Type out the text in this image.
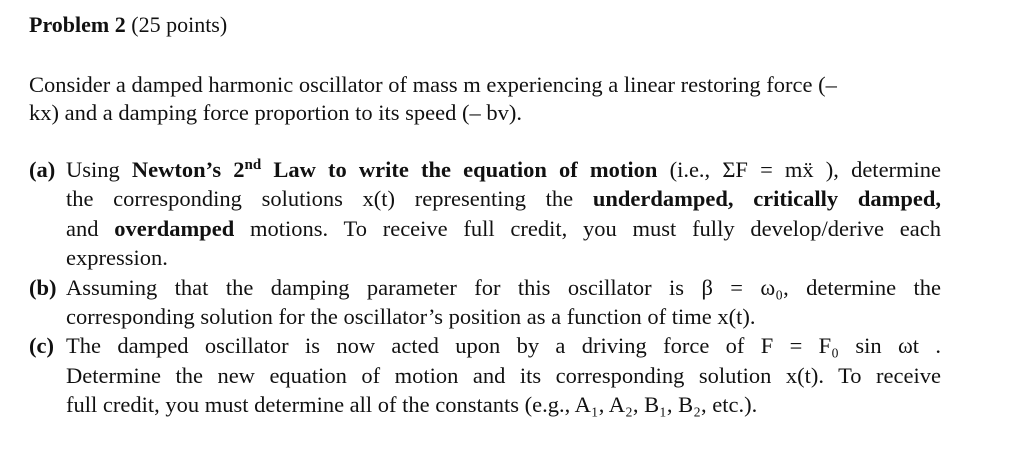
Problem 2 (25 points)
Consider a damped harmonic oscillator of mass m experiencing a linear restoring force (–
kx) and a damping force proportion to its speed (– bv).
(a) Using Newton’s 2nd Law to write the equation of motion (i.e., ΣF = mẍ ), determine
the corresponding solutions x(t) representing the underdamped, critically damped,
and overdamped motions. To receive full credit, you must fully develop/derive each
expression.
(b) Assuming that the damping parameter for this oscillator is β = ω₀, determine the
corresponding solution for the oscillator’s position as a function of time x(t).
(c) The damped oscillator is now acted upon by a driving force of F = F₀ sin ωt .
Determine the new equation of motion and its corresponding solution x(t). To receive
full credit, you must determine all of the constants (e.g., A₁, A₂, B₁, B₂, etc.).
